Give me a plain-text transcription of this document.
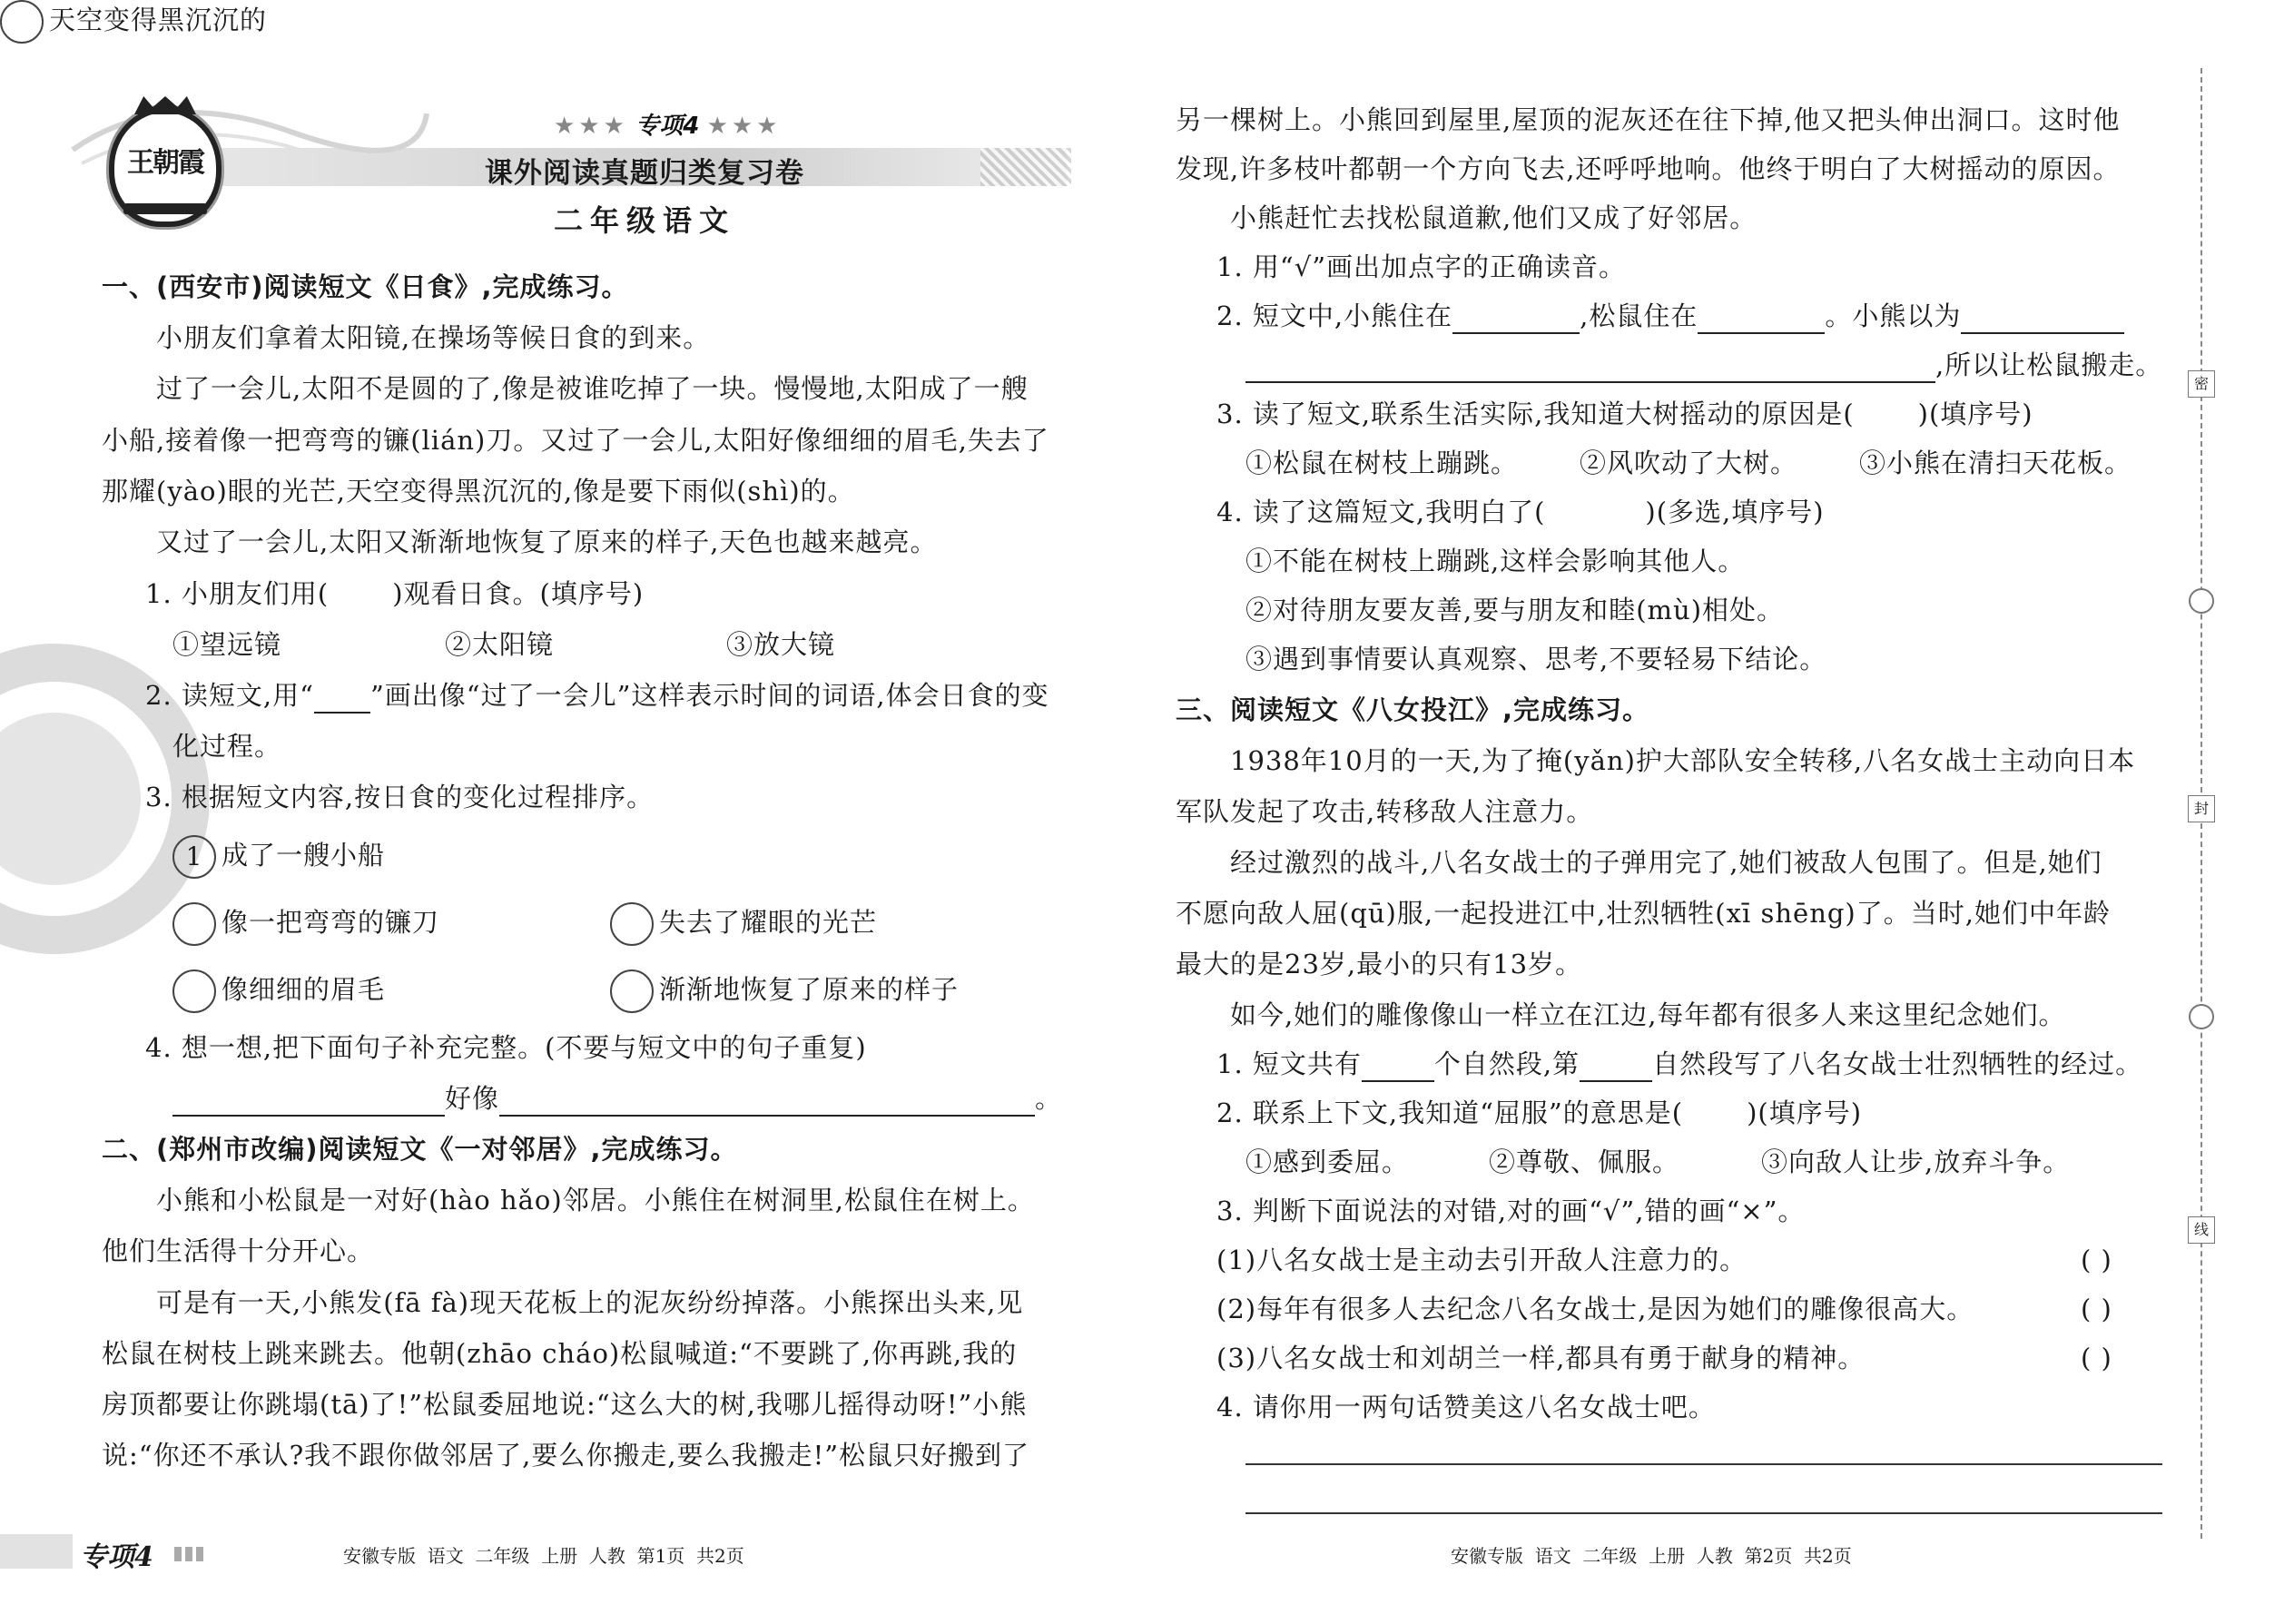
王朝霞
★★★ 专项4 ★★★
课外阅读真题归类复习卷
二年级语文
一、(西安市)阅读短文《日食》,完成练习。
小朋友们拿着太阳镜,在操场等候日食的到来。
过了一会儿,太阳不是圆的了,像是被谁吃掉了一块。慢慢地,太阳成了一艘
小船,接着像一把弯弯的镰(lián)刀。又过了一会儿,太阳好像细细的眉毛,失去了
那耀(yào)眼的光芒,天空变得黑沉沉的,像是要下雨似(shì)的。
又过了一会儿,太阳又渐渐地恢复了原来的样子,天色也越来越亮。
1. 小朋友们用( )观看日食。(填序号)
①望远镜	②太阳镜	③放大镜
2. 读短文,用“ ”画出像“过了一会儿”这样表示时间的词语,体会日食的变
化过程。
3. 根据短文内容,按日食的变化过程排序。
1 成了一艘小船
天空变得黑沉沉的
像一把弯弯的镰刀	失去了耀眼的光芒
像细细的眉毛	渐渐地恢复了原来的样子
4. 想一想,把下面句子补充完整。(不要与短文中的句子重复)
好像	。
二、(郑州市改编)阅读短文《一对邻居》,完成练习。
小熊和小松鼠是一对好(hào hǎo)邻居。小熊住在树洞里,松鼠住在树上。
他们生活得十分开心。
可是有一天,小熊发(fā fà)现天花板上的泥灰纷纷掉落。小熊探出头来,见
松鼠在树枝上跳来跳去。他朝(zhāo cháo)松鼠喊道:“不要跳了,你再跳,我的
房顶都要让你跳塌(tā)了!”松鼠委屈地说:“这么大的树,我哪儿摇得动呀!”小熊
说:“你还不承认?我不跟你做邻居了,要么你搬走,要么我搬走!”松鼠只好搬到了
专项4	安徽专版  语文  二年级  上册  人教  第1页  共2页
另一棵树上。小熊回到屋里,屋顶的泥灰还在往下掉,他又把头伸出洞口。这时他
发现,许多枝叶都朝一个方向飞去,还呼呼地响。他终于明白了大树摇动的原因。
小熊赶忙去找松鼠道歉,他们又成了好邻居。
1. 用“√”画出加点字的正确读音。
2. 短文中,小熊住在	,松鼠住在	。小熊以为
,所以让松鼠搬走。
3. 读了短文,联系生活实际,我知道大树摇动的原因是( )(填序号)
①松鼠在树枝上蹦跳。 ②风吹动了大树。 ③小熊在清扫天花板。
4. 读了这篇短文,我明白了(	)(多选,填序号)
①不能在树枝上蹦跳,这样会影响其他人。
②对待朋友要友善,要与朋友和睦(mù)相处。
③遇到事情要认真观察、思考,不要轻易下结论。
三、阅读短文《八女投江》,完成练习。
1938年10月的一天,为了掩(yǎn)护大部队安全转移,八名女战士主动向日本
军队发起了攻击,转移敌人注意力。
经过激烈的战斗,八名女战士的子弹用完了,她们被敌人包围了。但是,她们
不愿向敌人屈(qū)服,一起投进江中,壮烈牺牲(xī shēng)了。当时,她们中年龄
最大的是23岁,最小的只有13岁。
如今,她们的雕像像山一样立在江边,每年都有很多人来这里纪念她们。
1. 短文共有	个自然段,第	自然段写了八名女战士壮烈牺牲的经过。
2. 联系上下文,我知道“屈服”的意思是( )(填序号)
①感到委屈。	②尊敬、佩服。	③向敌人让步,放弃斗争。
3. 判断下面说法的对错,对的画“√”,错的画“×”。
(1)八名女战士是主动去引开敌人注意力的。	( )
(2)每年有很多人去纪念八名女战士,是因为她们的雕像很高大。	( )
(3)八名女战士和刘胡兰一样,都具有勇于献身的精神。	( )
4. 请你用一两句话赞美这八名女战士吧。
安徽专版  语文  二年级  上册  人教  第2页  共2页
密
封
线
